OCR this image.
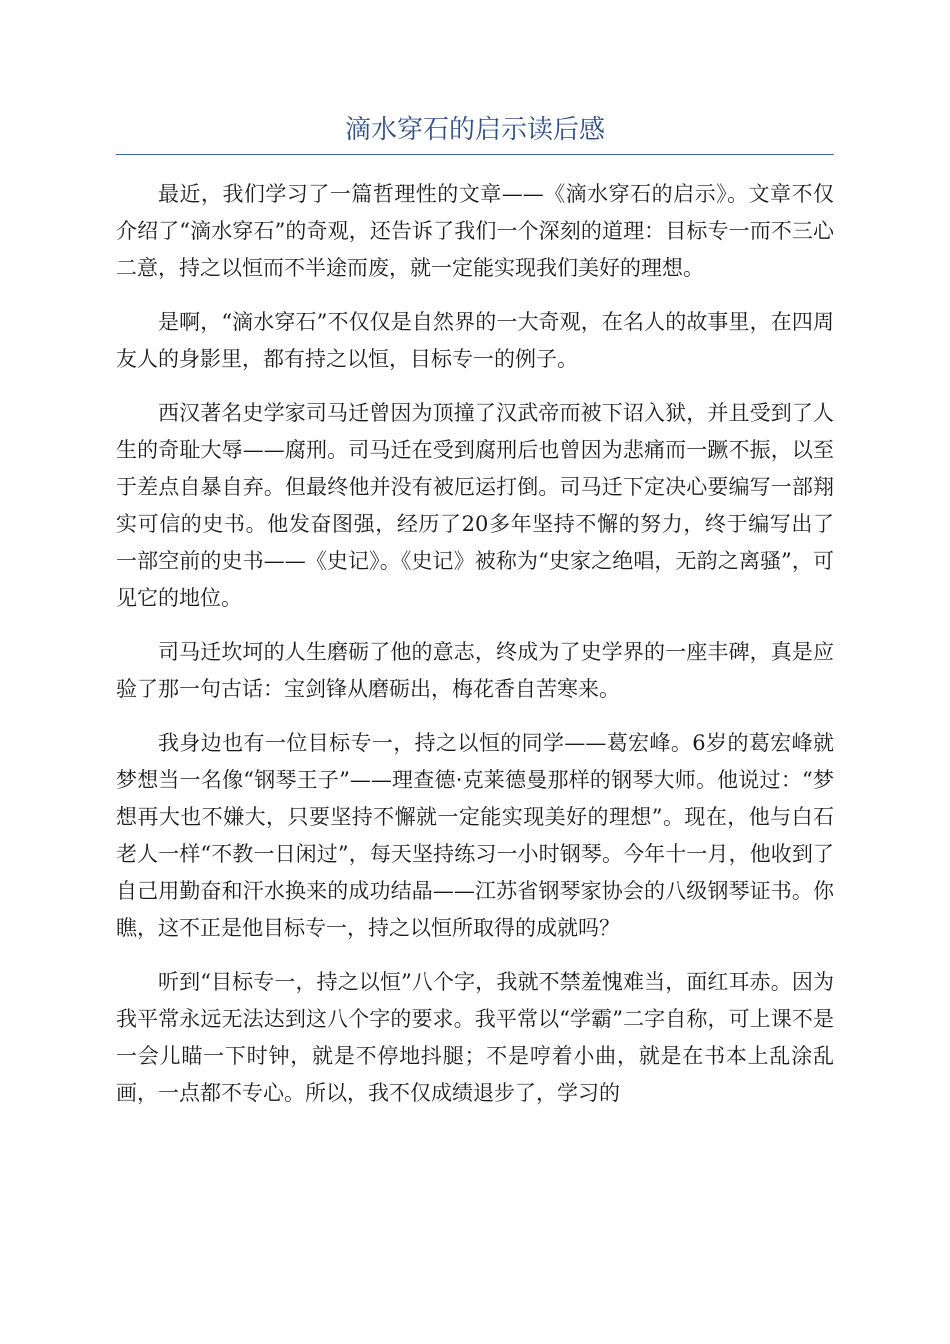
滴水穿石的启示读后感

最近，我们学习了一篇哲理性的文章——《滴水穿石的启示》。文章不仅介绍了“滴水穿石”的奇观，还告诉了我们一个深刻的道理：目标专一而不三心二意，持之以恒而不半途而废，就一定能实现我们美好的理想。

是啊，“滴水穿石”不仅仅是自然界的一大奇观，在名人的故事里，在四周友人的身影里，都有持之以恒，目标专一的例子。

西汉著名史学家司马迁曾因为顶撞了汉武帝而被下诏入狱，并且受到了人生的奇耻大辱——腐刑。司马迁在受到腐刑后也曾因为悲痛而一蹶不振，以至于差点自暴自弃。但最终他并没有被厄运打倒。司马迁下定决心要编写一部翔实可信的史书。他发奋图强，经历了20多年坚持不懈的努力，终于编写出了一部空前的史书——《史记》。《史记》被称为“史家之绝唱，无韵之离骚”，可见它的地位。

司马迁坎坷的人生磨砺了他的意志，终成为了史学界的一座丰碑，真是应验了那一句古话：宝剑锋从磨砺出，梅花香自苦寒来。

我身边也有一位目标专一，持之以恒的同学——葛宏峰。6岁的葛宏峰就梦想当一名像“钢琴王子”——理查德·克莱德曼那样的钢琴大师。他说过：“梦想再大也不嫌大，只要坚持不懈就一定能实现美好的理想”。现在，他与白石老人一样“不教一日闲过”，每天坚持练习一小时钢琴。今年十一月，他收到了自己用勤奋和汗水换来的成功结晶——江苏省钢琴家协会的八级钢琴证书。你瞧，这不正是他目标专一，持之以恒所取得的成就吗？

听到“目标专一，持之以恒”八个字，我就不禁羞愧难当，面红耳赤。因为我平常永远无法达到这八个字的要求。我平常以“学霸”二字自称，可上课不是一会儿瞄一下时钟，就是不停地抖腿；不是哼着小曲，就是在书本上乱涂乱画，一点都不专心。所以，我不仅成绩退步了，学习的
